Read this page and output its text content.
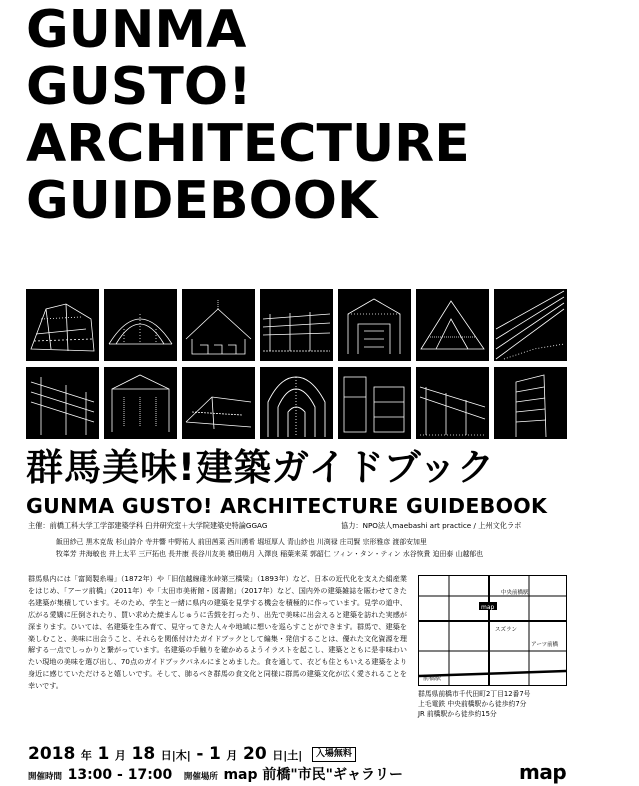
GUNMA
GUSTO!
ARCHITECTURE
GUIDEBOOK
群馬美味!建築ガイドブック
GUNMA GUSTO! ARCHITECTURE GUIDEBOOK
主催：前橋工科大学工学部建築学科 臼井研究室＋大学院建築史特論GGAG	協力：NPO法人maebashi art practice / 上州文化ラボ
飯田紗己 黒木克哉 杉山詩介 寺井響 中野祐人 前田茜菜 西川湧希 堀垣厚人 青山紗也 川渕禄 庄司賢 宗形雅彦 渡部安加里
牧峯芳 井海敏也 井上太平 三戸拓也 長井康 長谷川友美 横田萌月 入澤良 稲葉来菜 郭韶仁 フィン・タン・ティン 水谷恢貴 迫田泰 山越郁也
群馬県内には「富岡製糸場」（1872年）や「旧信越線碓氷峠第三橋梁」（1893年）など、日本の近代化を支えた絹産業をはじめ、「アーツ前橋」（2011年）や「太田市美術館・図書館」（2017年）など、国内外の建築雑誌を賑わせてきた名建築が集積しています。そのため、学生と一緒に県内の建築を見学する機会を積極的に作っています。見学の道中、広がる愛嬌に圧倒されたり、買い求めた焼まんじゅうに舌鼓を打ったり、出先で美味に出会えると建築を訪れた実感が深まります。ひいては、名建築を生み育て、見守ってきた人々や地域に想いを巡らすことができます。群馬で、建築を楽しむこと、美味に出会うこと、それらを関係付けたガイドブックとして編集・発信することは、優れた文化資源を理解する一点でしっかりと繋がっています。名建築の手触りを確かめるようイラストを起こし、建築とともに是非味わいたい現地の美味を選び出し、70点のガイドブックパネルにまとめました。食を通して、衣ども住ともいえる建築をより身近に感じていただけると嬉しいです。そして、肺るべき群馬の食文化と同様に群馬の建築文化が広く愛されることを幸いです。
map
前橋駅
中央前橋駅
スズラン
アーツ前橋
群馬県前橋市千代田町2丁目12番7号
上毛電鉄 中央前橋駅から徒歩約7分
JR 前橋駅から徒歩約15分
2018 年 1 月 18 日|木| - 1 月 20 日|土| 入場無料
開催時間 13:00 - 17:00 開催場所 map 前橋"市民"ギャラリー	map
